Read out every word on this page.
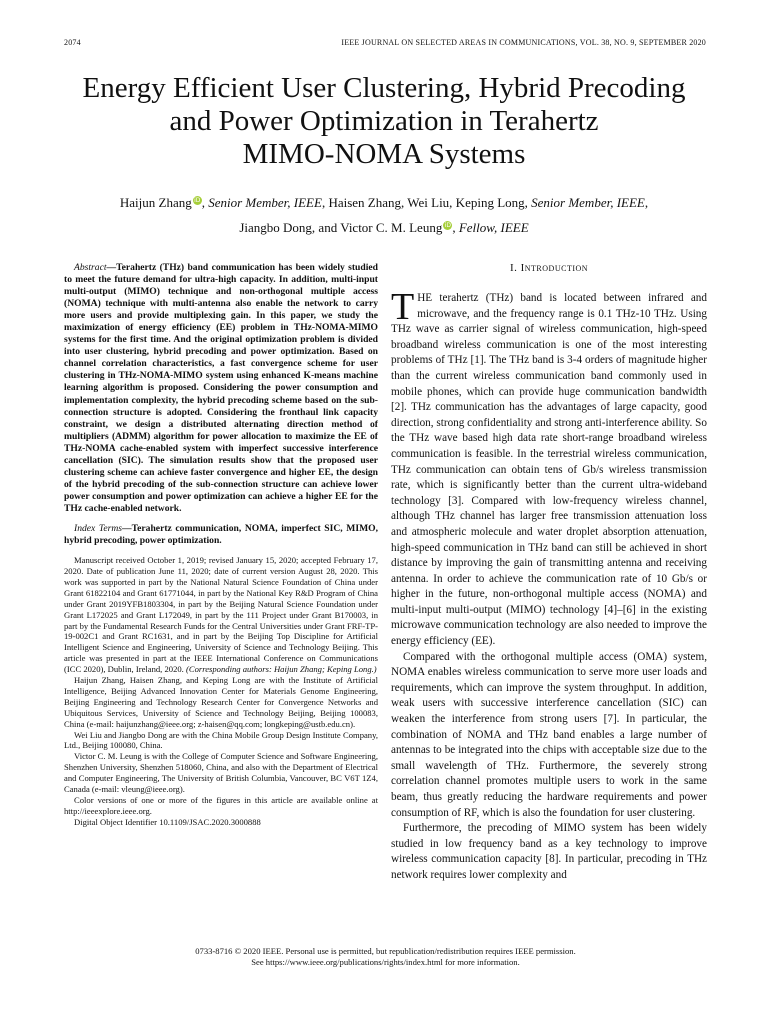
2074	IEEE JOURNAL ON SELECTED AREAS IN COMMUNICATIONS, VOL. 38, NO. 9, SEPTEMBER 2020
Energy Efficient User Clustering, Hybrid Precoding
and Power Optimization in Terahertz
MIMO-NOMA Systems
Haijun Zhang iD, Senior Member, IEEE, Haisen Zhang, Wei Liu, Keping Long, Senior Member, IEEE,
Jiangbo Dong, and Victor C. M. Leung iD, Fellow, IEEE

Abstract—Terahertz (THz) band communication has been widely studied to meet the future demand for ultra-high capacity. In addition, multi-input multi-output (MIMO) technique and non-orthogonal multiple access (NOMA) technique with multi-antenna also enable the network to carry more users and provide multiplexing gain. In this paper, we study the maximization of energy efficiency (EE) problem in THz-NOMA-MIMO systems for the first time. And the original optimization problem is divided into user clustering, hybrid precoding and power optimization. Based on channel correlation characteristics, a fast convergence scheme for user clustering in THz-NOMA-MIMO system using enhanced K-means machine learning algorithm is proposed. Considering the power consumption and implementation complexity, the hybrid precoding scheme based on the sub-connection structure is adopted. Considering the fronthaul link capacity constraint, we design a distributed alternating direction method of multipliers (ADMM) algorithm for power allocation to maximize the EE of THz-NOMA cache-enabled system with imperfect successive interference cancellation (SIC). The simulation results show that the proposed user clustering scheme can achieve faster convergence and higher EE, the design of the hybrid precoding of the sub-connection structure can achieve lower power consumption and power optimization can achieve a higher EE for the THz cache-enabled network.

Index Terms—Terahertz communication, NOMA, imperfect SIC, MIMO, hybrid precoding, power optimization.

Manuscript received October 1, 2019; revised January 15, 2020; accepted February 17, 2020. Date of publication June 11, 2020; date of current version August 28, 2020. This work was supported in part by the National Natural Science Foundation of China under Grant 61822104 and Grant 61771044, in part by the National Key R&D Program of China under Grant 2019YFB1803304, in part by the Beijing Natural Science Foundation under Grant L172025 and Grant L172049, in part by the 111 Project under Grant B170003, in part by the Fundamental Research Funds for the Central Universities under Grant FRF-TP-19-002C1 and Grant RC1631, and in part by the Beijing Top Discipline for Artificial Intelligent Science and Engineering, University of Science and Technology Beijing. This article was presented in part at the IEEE International Conference on Communications (ICC 2020), Dublin, Ireland, 2020. (Corresponding authors: Haijun Zhang; Keping Long.)

Haijun Zhang, Haisen Zhang, and Keping Long are with the Institute of Artificial Intelligence, Beijing Advanced Innovation Center for Materials Genome Engineering, Beijing Engineering and Technology Research Center for Convergence Networks and Ubiquitous Services, University of Science and Technology Beijing, Beijing 100083, China (e-mail: haijunzhang@ieee.org; z-haisen@qq.com; longkeping@ustb.edu.cn).

Wei Liu and Jiangbo Dong are with the China Mobile Group Design Institute Company, Ltd., Beijing 100080, China.

Victor C. M. Leung is with the College of Computer Science and Software Engineering, Shenzhen University, Shenzhen 518060, China, and also with the Department of Electrical and Computer Engineering, The University of British Columbia, Vancouver, BC V6T 1Z4, Canada (e-mail: vleung@ieee.org).

Color versions of one or more of the figures in this article are available online at http://ieeexplore.ieee.org.

Digital Object Identifier 10.1109/JSAC.2020.3000888

I. Introduction

THE terahertz (THz) band is located between infrared and microwave, and the frequency range is 0.1 THz-10 THz. Using THz wave as carrier signal of wireless communication, high-speed broadband wireless communication is one of the most interesting problems of THz [1]. The THz band is 3-4 orders of magnitude higher than the current wireless communication band commonly used in mobile phones, which can provide huge communication bandwidth [2]. THz communication has the advantages of large capacity, good direction, strong confidentiality and strong anti-interference ability. So the THz wave based high data rate short-range broadband wireless communication is feasible. In the terrestrial wireless communication, THz communication can obtain tens of Gb/s wireless transmission rate, which is significantly better than the current ultra-wideband technology [3]. Compared with low-frequency wireless channel, although THz channel has larger free transmission attenuation loss and atmospheric molecule and water droplet absorption attenuation, high-speed communication in THz band can still be achieved in short distance by improving the gain of transmitting antenna and receiving antenna. In order to achieve the communication rate of 10 Gb/s or higher in the future, non-orthogonal multiple access (NOMA) and multi-input multi-output (MIMO) technology [4]–[6] in the existing microwave communication technology are also needed to improve the energy efficiency (EE).

Compared with the orthogonal multiple access (OMA) system, NOMA enables wireless communication to serve more user loads and requirements, which can improve the system throughput. In addition, weak users with successive interference cancellation (SIC) can weaken the interference from strong users [7]. In particular, the combination of NOMA and THz band enables a large number of antennas to be integrated into the chips with acceptable size due to the small wavelength of THz. Furthermore, the severely strong correlation channel promotes multiple users to work in the same beam, thus greatly reducing the hardware requirements and power consumption of RF, which is also the foundation for user clustering.

Furthermore, the precoding of MIMO system has been widely studied in low frequency band as a key technology to improve wireless communication capacity [8]. In particular, precoding in THz network requires lower complexity and

0733-8716 © 2020 IEEE. Personal use is permitted, but republication/redistribution requires IEEE permission.
See https://www.ieee.org/publications/rights/index.html for more information.
